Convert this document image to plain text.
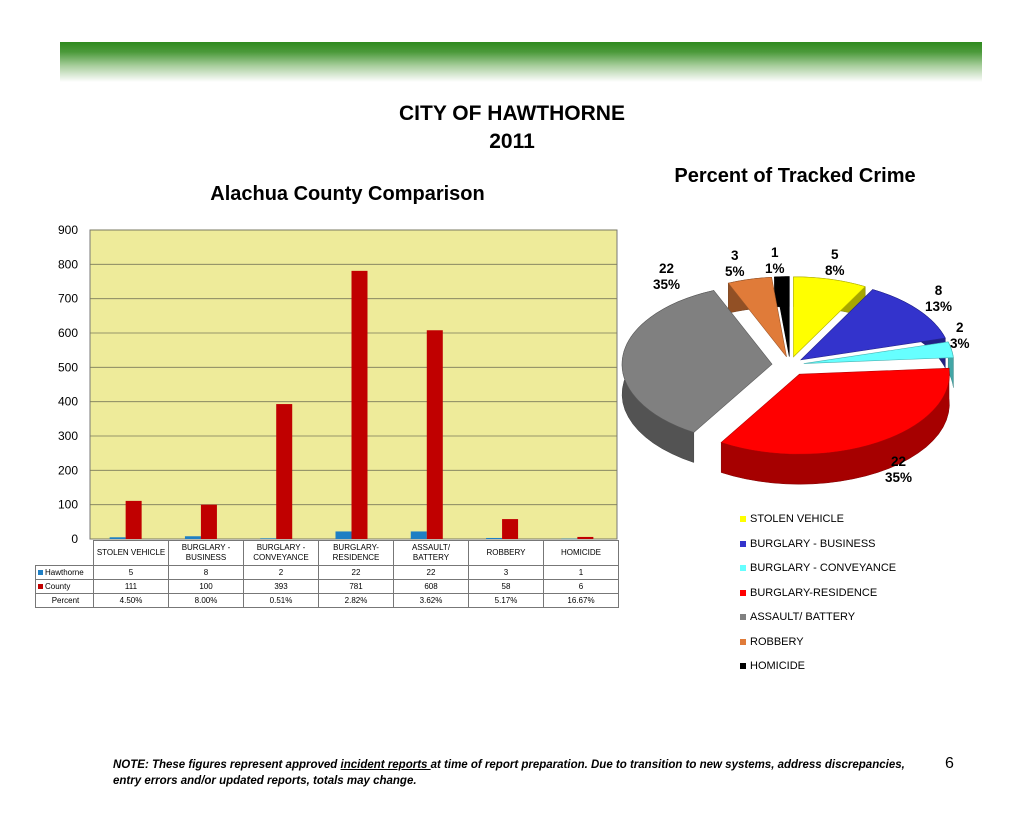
CITY OF HAWTHORNE
2011
Alachua County Comparison
Percent of Tracked Crime
0
100
200
300
400
500
600
700
800
900
	STOLEN VEHICLE	BURGLARY - BUSINESS	BURGLARY - CONVEYANCE	BURGLARY- RESIDENCE	ASSAULT/ BATTERY	ROBBERY	HOMICIDE
Hawthorne	5	8	2	22	22	3	1
County	111	100	393	781	608	58	6
Percent	4.50%	8.00%	0.51%	2.82%	3.62%	5.17%	16.67%
5
8%
8
13%
2
3%
22
35%
22
35%
3
5%
1
1%
STOLEN VEHICLE
BURGLARY - BUSINESS
BURGLARY - CONVEYANCE
BURGLARY-RESIDENCE
ASSAULT/ BATTERY
ROBBERY
HOMICIDE
NOTE: These figures represent approved incident reports at time of report preparation. Due to transition to new systems, address discrepancies, entry errors and/or updated reports, totals may change.
6
